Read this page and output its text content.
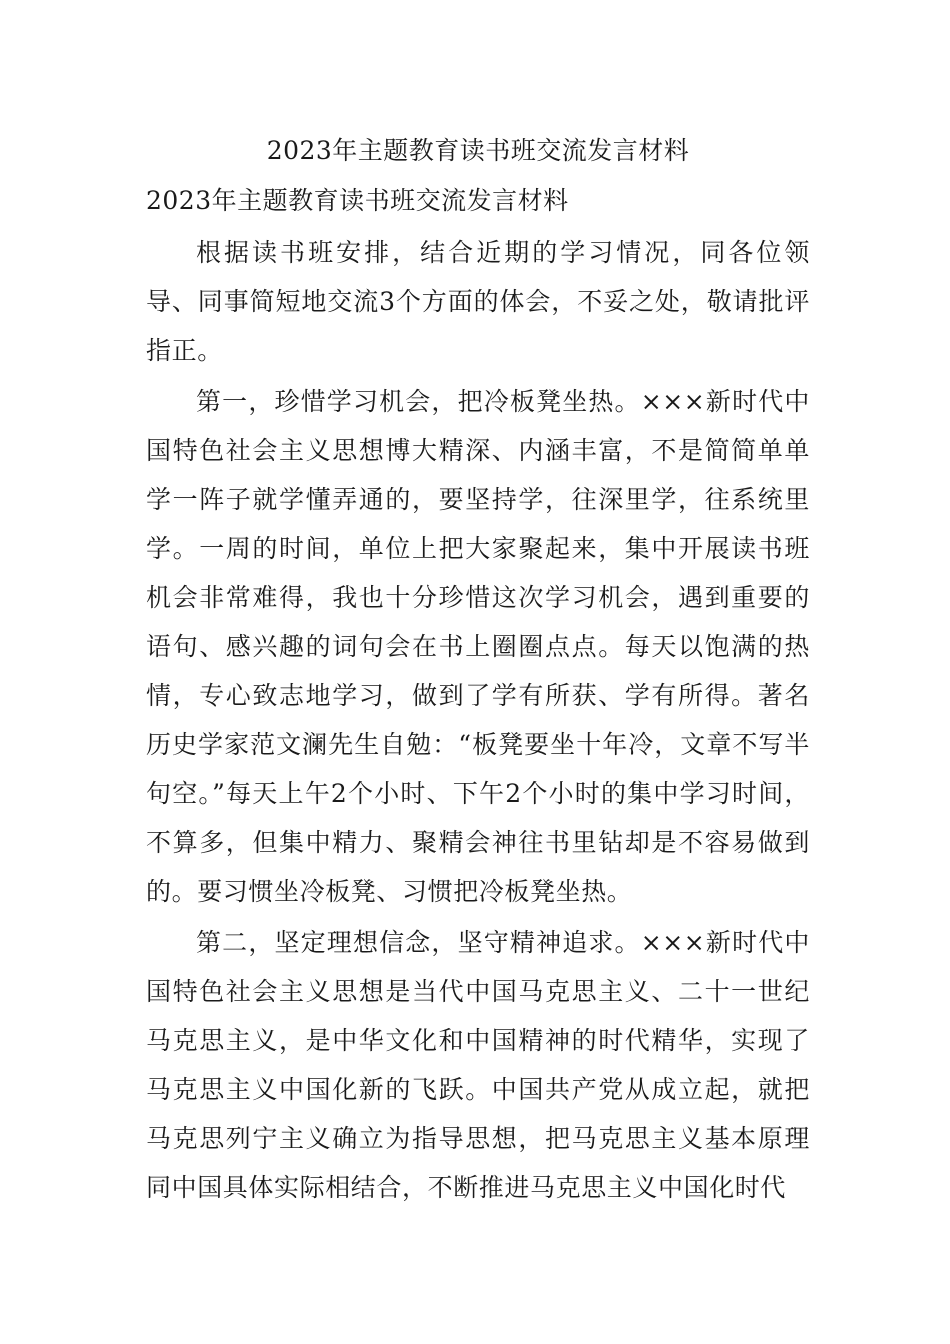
2023年主题教育读书班交流发言材料
2023年主题教育读书班交流发言材料

根据读书班安排，结合近期的学习情况，同各位领导、同事简短地交流3个方面的体会，不妥之处，敬请批评指正。

第一，珍惜学习机会，把冷板凳坐热。×××新时代中国特色社会主义思想博大精深、内涵丰富，不是简简单单学一阵子就学懂弄通的，要坚持学，往深里学，往系统里学。一周的时间，单位上把大家聚起来，集中开展读书班机会非常难得，我也十分珍惜这次学习机会，遇到重要的语句、感兴趣的词句会在书上圈圈点点。每天以饱满的热情，专心致志地学习，做到了学有所获、学有所得。著名历史学家范文澜先生自勉：“板凳要坐十年冷，文章不写半句空。”每天上午2个小时、下午2个小时的集中学习时间，不算多，但集中精力、聚精会神往书里钻却是不容易做到的。要习惯坐冷板凳、习惯把冷板凳坐热。

第二，坚定理想信念，坚守精神追求。×××新时代中国特色社会主义思想是当代中国马克思主义、二十一世纪马克思主义，是中华文化和中国精神的时代精华，实现了马克思主义中国化新的飞跃。中国共产党从成立起，就把马克思列宁主义确立为指导思想，把马克思主义基本原理同中国具体实际相结合，不断推进马克思主义中国化时代
